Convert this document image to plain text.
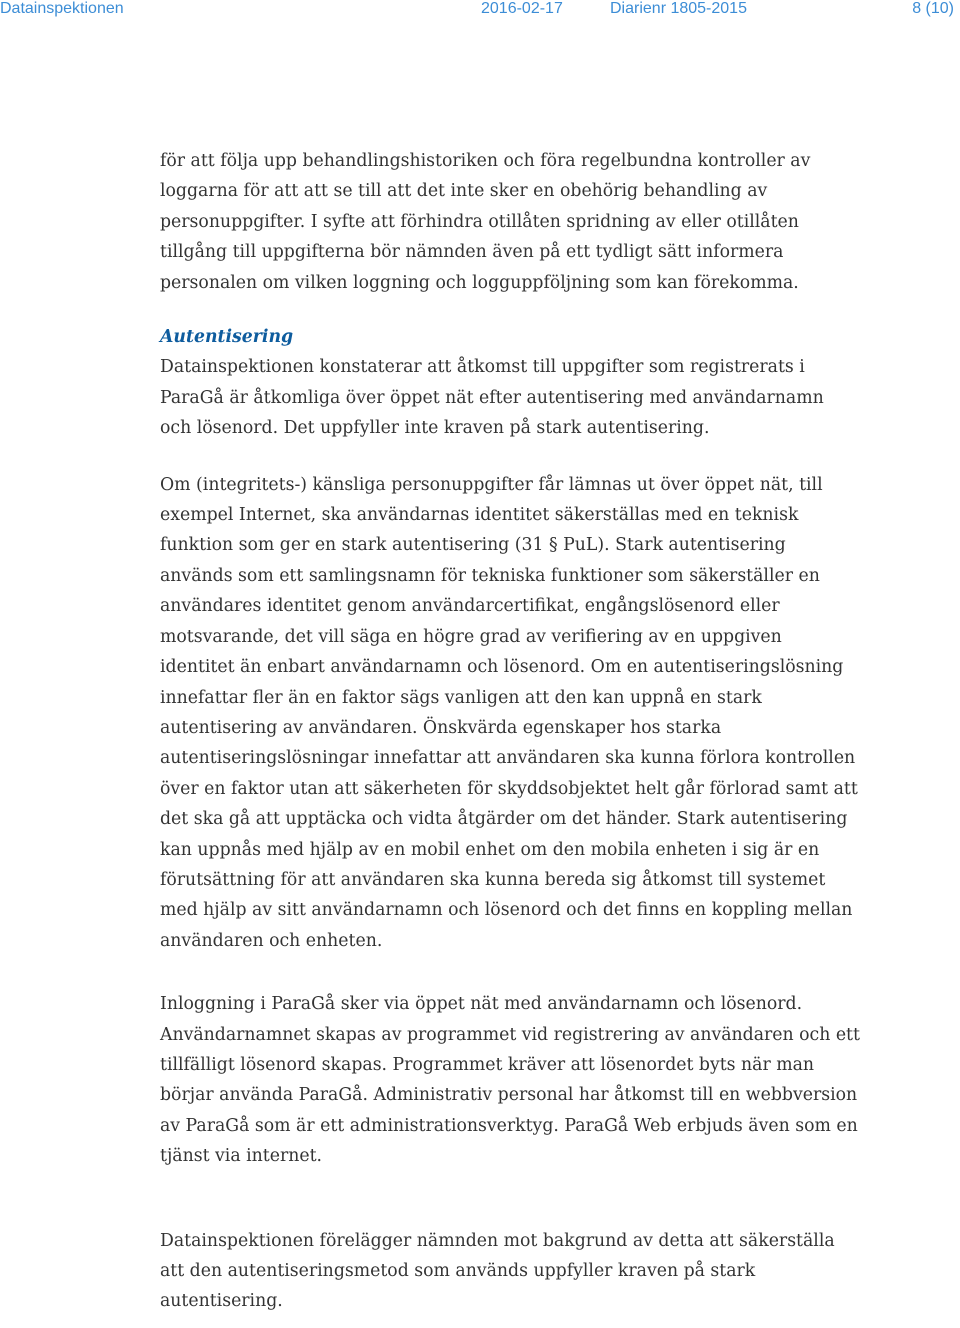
Datainspektionen	2016-02-17	Diarienr 1805-2015	8 (10)

för att följa upp behandlingshistoriken och föra regelbundna kontroller av loggarna för att att se till att det inte sker en obehörig behandling av personuppgifter. I syfte att förhindra otillåten spridning av eller otillåten tillgång till uppgifterna bör nämnden även på ett tydligt sätt informera personalen om vilken loggning och logguppföljning som kan förekomma.

Autentisering

Datainspektionen konstaterar att åtkomst till uppgifter som registrerats i ParaGå är åtkomliga över öppet nät efter autentisering med användarnamn och lösenord. Det uppfyller inte kraven på stark autentisering.

Om (integritets-) känsliga personuppgifter får lämnas ut över öppet nät, till exempel Internet, ska användarnas identitet säkerställas med en teknisk funktion som ger en stark autentisering (31 § PuL). Stark autentisering används som ett samlingsnamn för tekniska funktioner som säkerställer en användares identitet genom användarcertifikat, engångslösenord eller motsvarande, det vill säga en högre grad av verifiering av en uppgiven identitet än enbart användarnamn och lösenord. Om en autentiseringslösning innefattar fler än en faktor sägs vanligen att den kan uppnå en stark autentisering av användaren. Önskvärda egenskaper hos starka autentiseringslösningar innefattar att användaren ska kunna förlora kontrollen över en faktor utan att säkerheten för skyddsobjektet helt går förlorad samt att det ska gå att upptäcka och vidta åtgärder om det händer. Stark autentisering kan uppnås med hjälp av en mobil enhet om den mobila enheten i sig är en förutsättning för att användaren ska kunna bereda sig åtkomst till systemet med hjälp av sitt användarnamn och lösenord och det finns en koppling mellan användaren och enheten.

Inloggning i ParaGå sker via öppet nät med användarnamn och lösenord. Användarnamnet skapas av programmet vid registrering av användaren och ett tillfälligt lösenord skapas. Programmet kräver att lösenordet byts när man börjar använda ParaGå. Administrativ personal har åtkomst till en webbversion av ParaGå som är ett administrationsverktyg. ParaGå Web erbjuds även som en tjänst via internet.

Datainspektionen förelägger nämnden mot bakgrund av detta att säkerställa att den autentiseringsmetod som används uppfyller kraven på stark autentisering.
